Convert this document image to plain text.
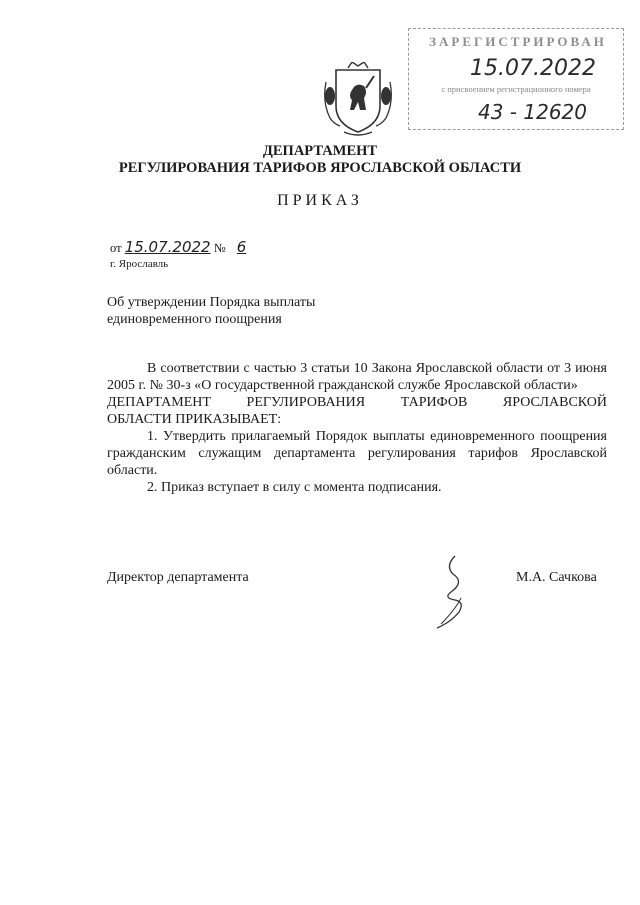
ЗАРЕГИСТРИРОВАН
15.07.2022
с присвоением регистрационного номера
43 - 12620
ДЕПАРТАМЕНТ
РЕГУЛИРОВАНИЯ ТАРИФОВ ЯРОСЛАВСКОЙ ОБЛАСТИ
ПРИКАЗ
от 15.07.2022 № 6
г. Ярославль
Об утверждении Порядка выплаты
единовременного поощрения

В соответствии с частью 3 статьи 10 Закона Ярославской области от 3 июня 2005 г. № 30-з «О государственной гражданской службе Ярославской области»

ДЕПАРТАМЕНТ РЕГУЛИРОВАНИЯ ТАРИФОВ ЯРОСЛАВСКОЙ

ОБЛАСТИ ПРИКАЗЫВАЕТ:

1. Утвердить прилагаемый Порядок выплаты единовременного поощрения гражданским служащим департамента регулирования тарифов Ярославской области.

2. Приказ вступает в силу с момента подписания.

Директор департамента	М.А. Сачкова
